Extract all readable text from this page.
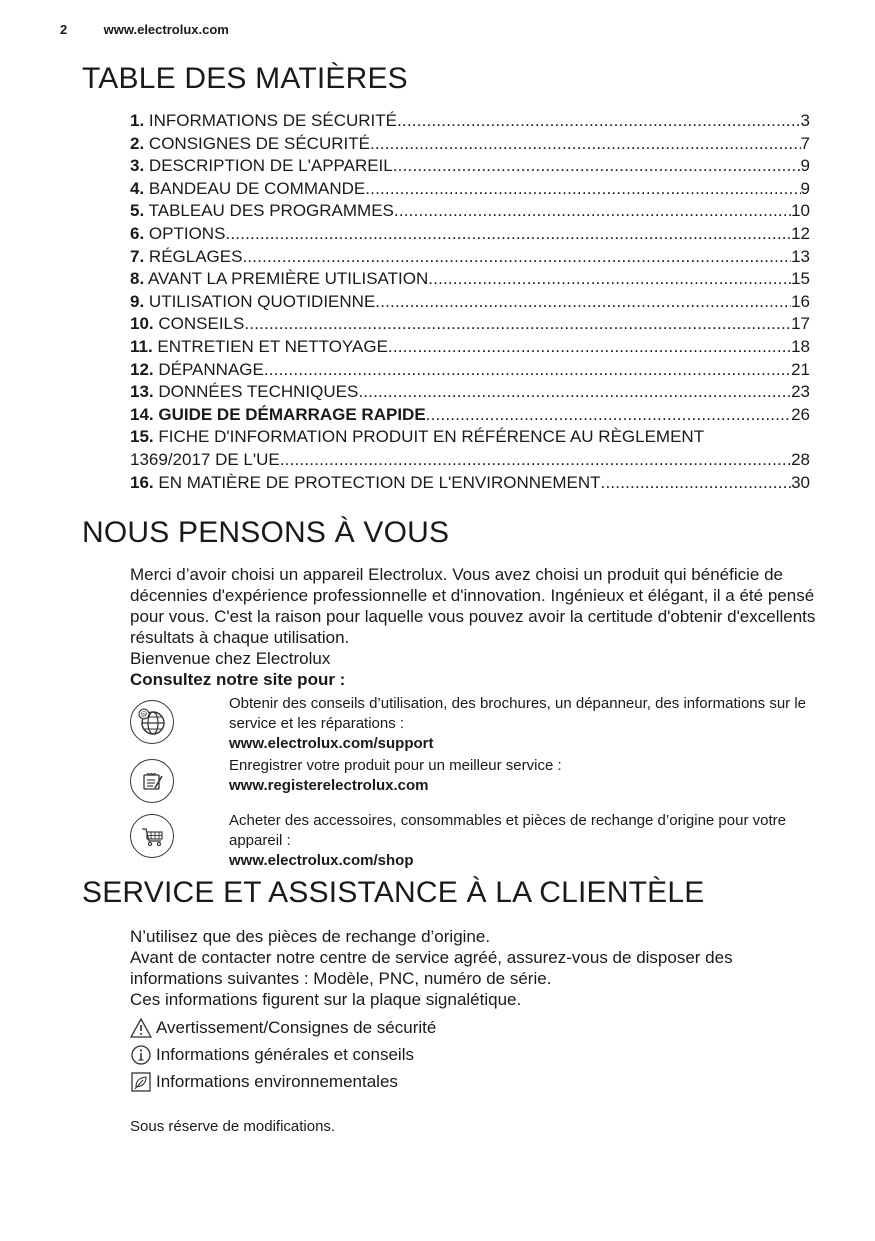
2	www.electrolux.com
TABLE DES MATIÈRES
1. INFORMATIONS DE SÉCURITÉ .....	3
2. CONSIGNES DE SÉCURITÉ .....	7
3. DESCRIPTION DE L'APPAREIL .....	9
4. BANDEAU DE COMMANDE .....	9
5. TABLEAU DES PROGRAMMES .....	10
6. OPTIONS .....	12
7. RÉGLAGES .....	13
8. AVANT LA PREMIÈRE UTILISATION .....	15
9. UTILISATION QUOTIDIENNE .....	16
10. CONSEILS .....	17
11. ENTRETIEN ET NETTOYAGE .....	18
12. DÉPANNAGE .....	21
13. DONNÉES TECHNIQUES .....	23
14. GUIDE DE DÉMARRAGE RAPIDE .....	26
15. FICHE D'INFORMATION PRODUIT EN RÉFÉRENCE AU RÈGLEMENT
1369/2017 DE L'UE .....	28
16. EN MATIÈRE DE PROTECTION DE L'ENVIRONNEMENT .....	30
NOUS PENSONS À VOUS

Merci d’avoir choisi un appareil Electrolux. Vous avez choisi un produit qui bénéficie de décennies d'expérience professionnelle et d'innovation. Ingénieux et élégant, il a été pensé pour vous. C'est la raison pour laquelle vous pouvez avoir la certitude d'obtenir d'excellents résultats à chaque utilisation.

Bienvenue chez Electrolux

Consultez notre site pour :

@
Obtenir des conseils d’utilisation, des brochures, un dépanneur, des informations sur le service et les réparations :
www.electrolux.com/support
Enregistrer votre produit pour un meilleur service :
www.registerelectrolux.com
Acheter des accessoires, consommables et pièces de rechange d’origine pour votre appareil :
www.electrolux.com/shop
SERVICE ET ASSISTANCE À LA CLIENTÈLE

N’utilisez que des pièces de rechange d’origine.

Avant de contacter notre centre de service agréé, assurez-vous de disposer des informations suivantes : Modèle, PNC, numéro de série.

Ces informations figurent sur la plaque signalétique.

Avertissement/Consignes de sécurité
Informations générales et conseils
Informations environnementales
Sous réserve de modifications.
